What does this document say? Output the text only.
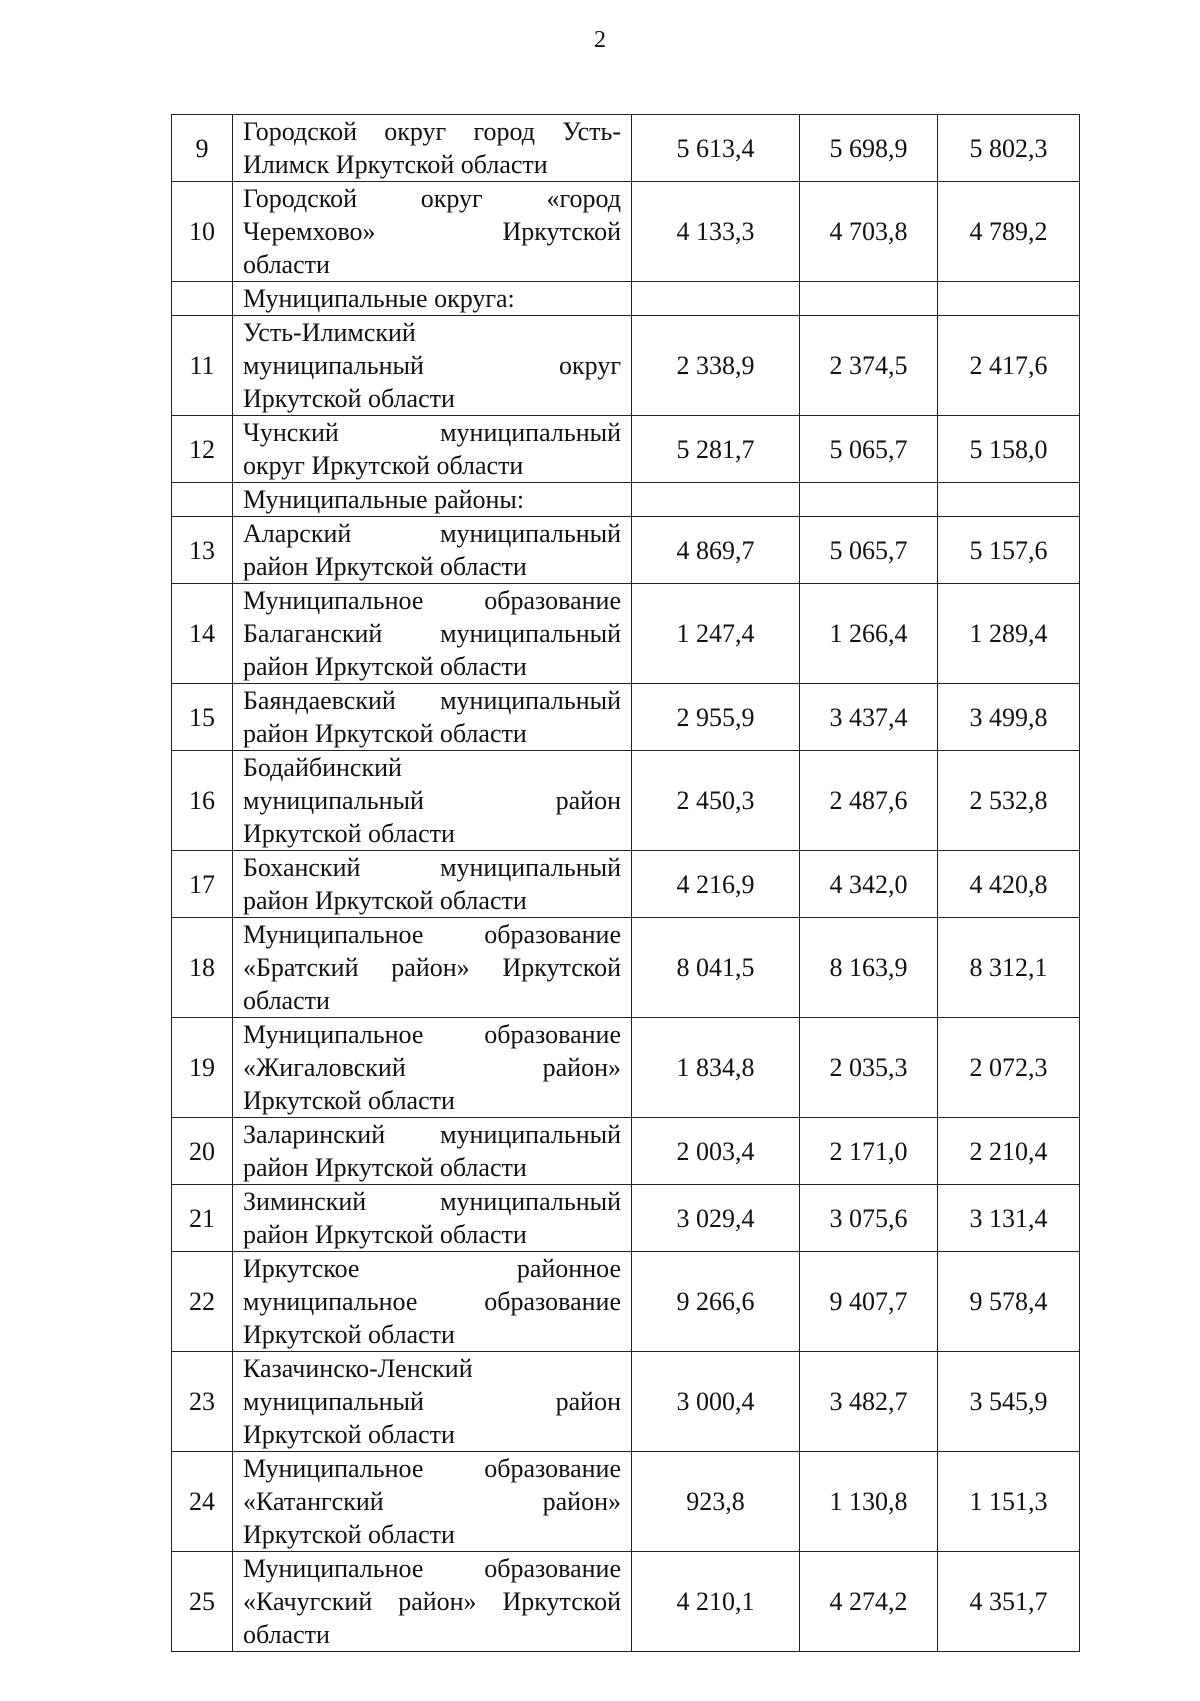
2
9	Городской округ город Усть-
Илимск Иркутской области	5 613,4	5 698,9	5 802,3
10	Городской округ «город
Черемхово» Иркутской
области	4 133,3	4 703,8	4 789,2

	Муниципальные округа:			

11	Усть-Илимский
муниципальный округ
Иркутской области	2 338,9	2 374,5	2 417,6
12	Чунский муниципальный
округ Иркутской области	5 281,7	5 065,7	5 158,0

	Муниципальные районы:			

13	Аларский муниципальный
район Иркутской области	4 869,7	5 065,7	5 157,6
14	Муниципальное образование
Балаганский муниципальный
район Иркутской области	1 247,4	1 266,4	1 289,4
15	Баяндаевский муниципальный
район Иркутской области	2 955,9	3 437,4	3 499,8
16	Бодайбинский
муниципальный район
Иркутской области	2 450,3	2 487,6	2 532,8
17	Боханский муниципальный
район Иркутской области	4 216,9	4 342,0	4 420,8
18	Муниципальное образование
«Братский район» Иркутской
области	8 041,5	8 163,9	8 312,1
19	Муниципальное образование
«Жигаловский район»
Иркутской области	1 834,8	2 035,3	2 072,3
20	Заларинский муниципальный
район Иркутской области	2 003,4	2 171,0	2 210,4
21	Зиминский муниципальный
район Иркутской области	3 029,4	3 075,6	3 131,4
22	Иркутское районное
муниципальное образование
Иркутской области	9 266,6	9 407,7	9 578,4
23	Казачинско-Ленский
муниципальный район
Иркутской области	3 000,4	3 482,7	3 545,9
24	Муниципальное образование
«Катангский район»
Иркутской области	923,8	1 130,8	1 151,3
25	Муниципальное образование
«Качугский район» Иркутской
области	4 210,1	4 274,2	4 351,7
